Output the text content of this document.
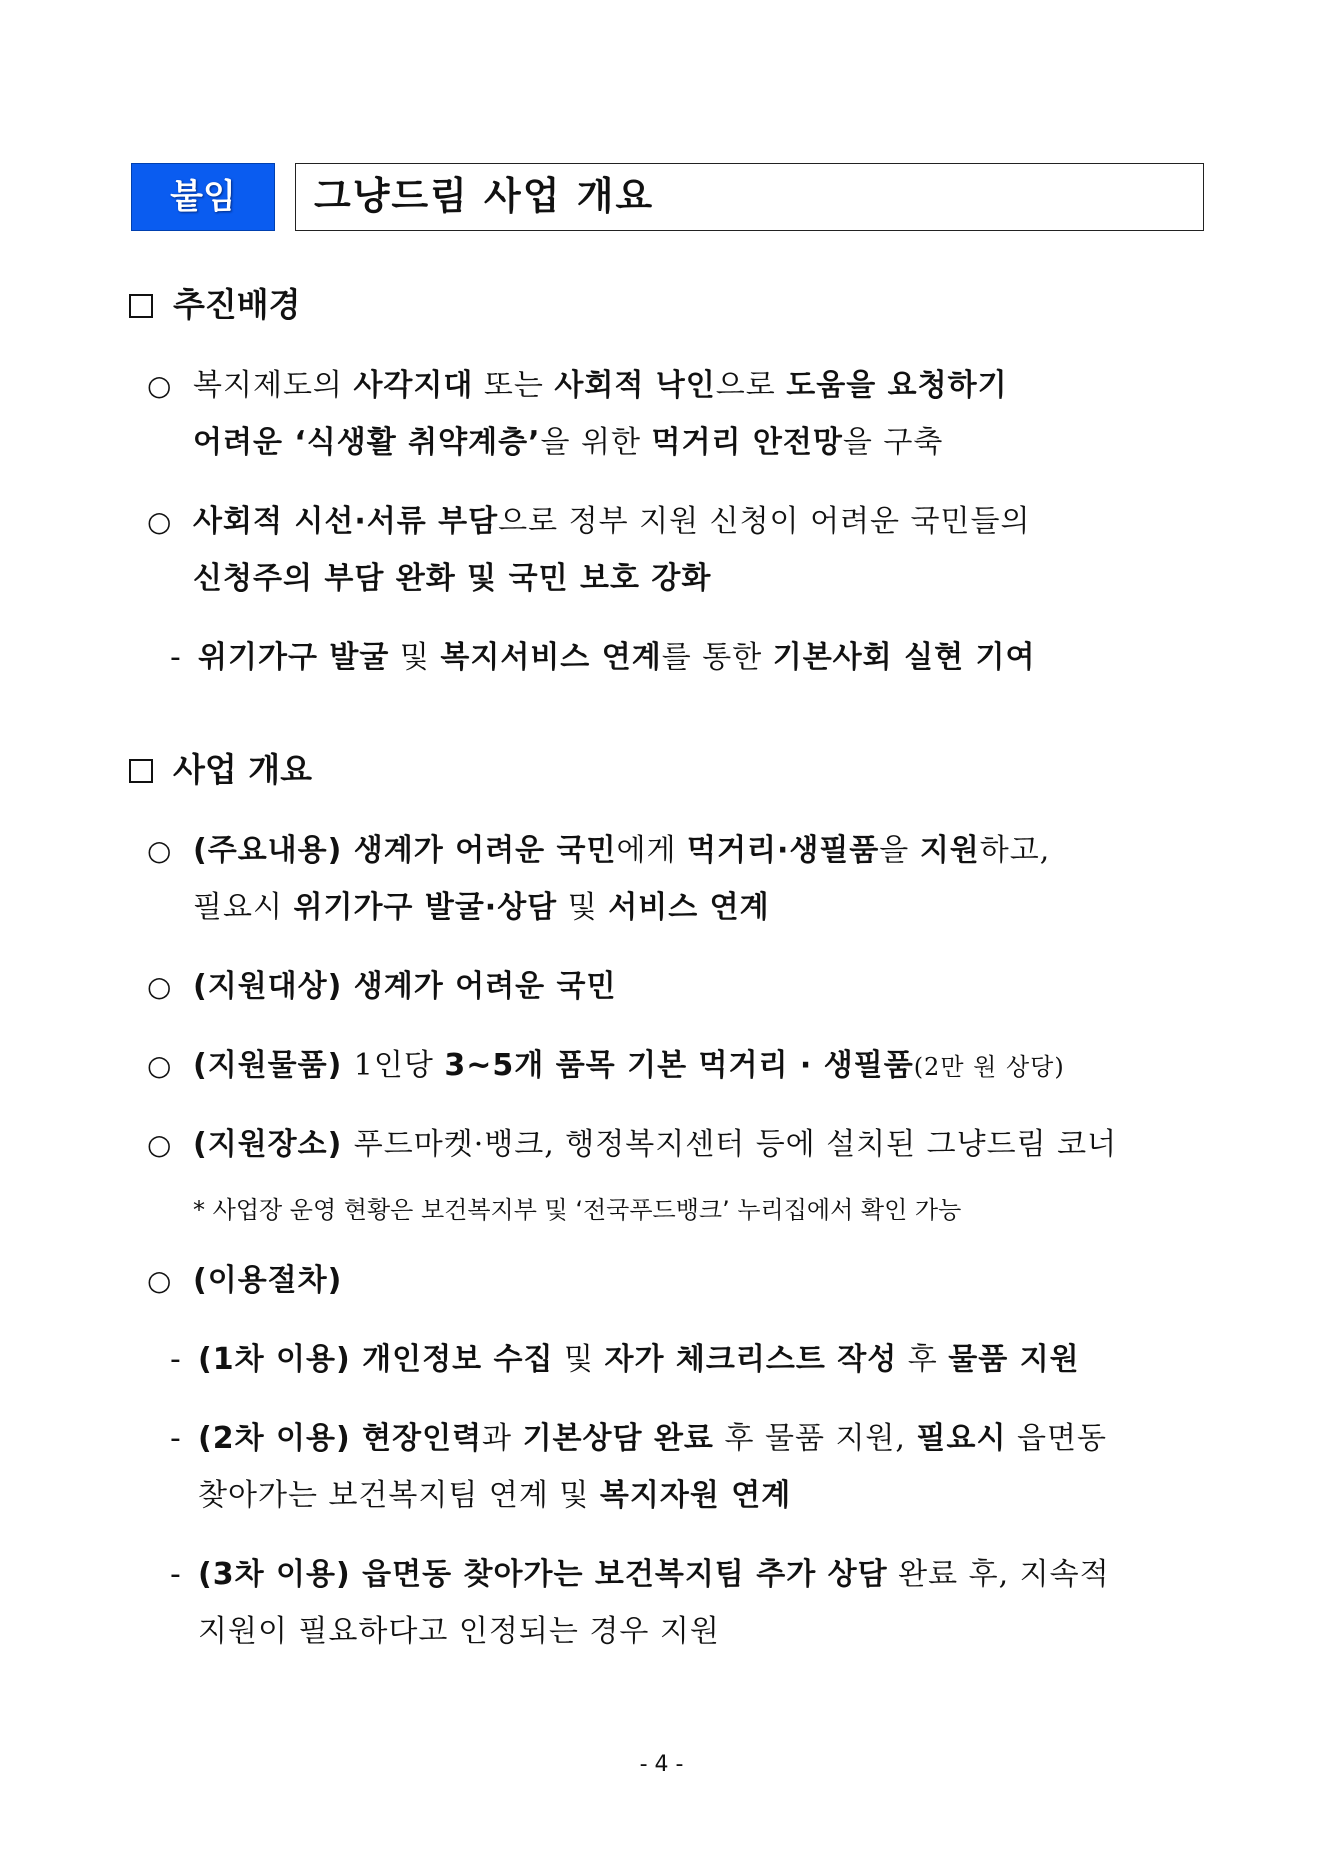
붙임	그냥드림 사업 개요
추진배경
○ 복지제도의 사각지대 또는 사회적 낙인으로 도움을 요청하기
어려운 ‘식생활 취약계층’을 위한 먹거리 안전망을 구축
○ 사회적 시선·서류 부담으로 정부 지원 신청이 어려운 국민들의
신청주의 부담 완화 및 국민 보호 강화
- 위기가구 발굴 및 복지서비스 연계를 통한 기본사회 실현 기여
사업 개요
○ (주요내용) 생계가 어려운 국민에게 먹거리·생필품을 지원하고,
필요시 위기가구 발굴·상담 및 서비스 연계
○ (지원대상) 생계가 어려운 국민
○ (지원물품) 1인당 3~5개 품목 기본 먹거리 · 생필품(2만 원 상당)
○ (지원장소) 푸드마켓·뱅크, 행정복지센터 등에 설치된 그냥드림 코너
* 사업장 운영 현황은 보건복지부 및 ‘전국푸드뱅크’ 누리집에서 확인 가능
○ (이용절차)
- (1차 이용) 개인정보 수집 및 자가 체크리스트 작성 후 물품 지원
- (2차 이용) 현장인력과 기본상담 완료 후 물품 지원, 필요시 읍면동
찾아가는 보건복지팀 연계 및 복지자원 연계
- (3차 이용) 읍면동 찾아가는 보건복지팀 추가 상담 완료 후, 지속적
지원이 필요하다고 인정되는 경우 지원
- 4 -
